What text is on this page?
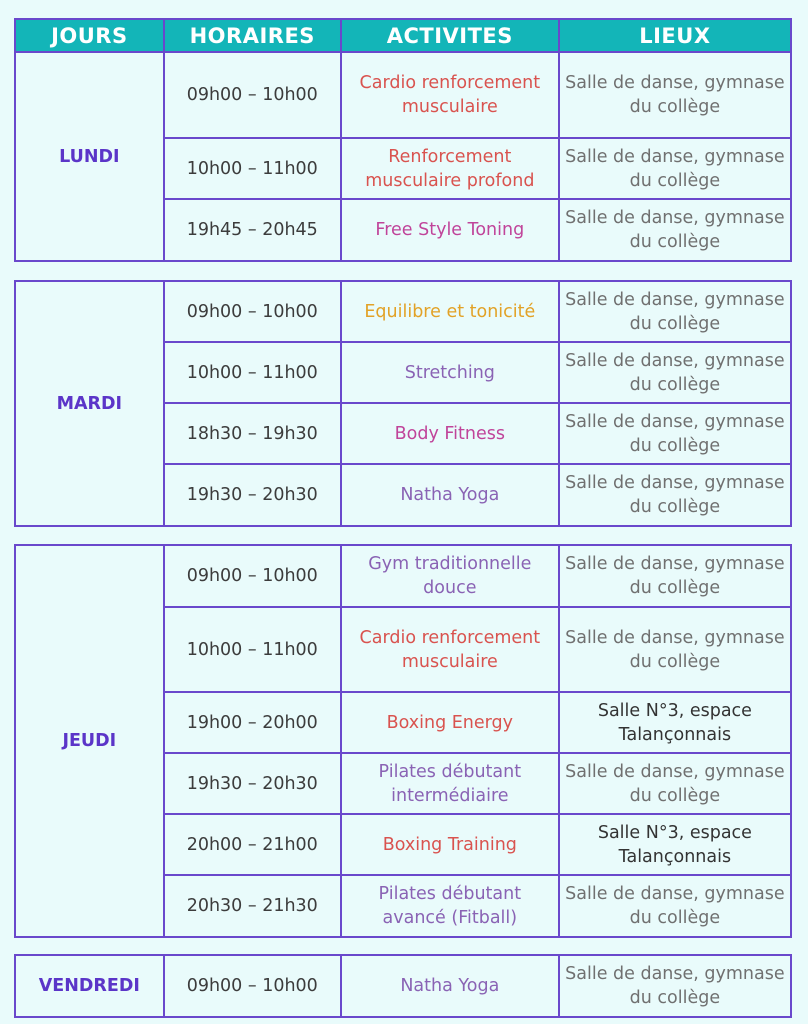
JOURS	HORAIRES	ACTIVITES	LIEUX
LUNDI	09h00 – 10h00	Cardio renforcement musculaire	Salle de danse, gymnase du collège
	10h00 – 11h00	Renforcement musculaire profond	Salle de danse, gymnase du collège
	19h45 – 20h45	Free Style Toning	Salle de danse, gymnase du collège
MARDI	09h00 – 10h00	Equilibre et tonicité	Salle de danse, gymnase du collège
	10h00 – 11h00	Stretching	Salle de danse, gymnase du collège
	18h30 – 19h30	Body Fitness	Salle de danse, gymnase du collège
	19h30 – 20h30	Natha Yoga	Salle de danse, gymnase du collège
JEUDI	09h00 – 10h00	Gym traditionnelle douce	Salle de danse, gymnase du collège
	10h00 – 11h00	Cardio renforcement musculaire	Salle de danse, gymnase du collège
	19h00 – 20h00	Boxing Energy	Salle N°3, espace Talançonnais
	19h30 – 20h30	Pilates débutant intermédiaire	Salle de danse, gymnase du collège
	20h00 – 21h00	Boxing Training	Salle N°3, espace Talançonnais
	20h30 – 21h30	Pilates débutant avancé (Fitball)	Salle de danse, gymnase du collège
VENDREDI	09h00 – 10h00	Natha Yoga	Salle de danse, gymnase du collège
